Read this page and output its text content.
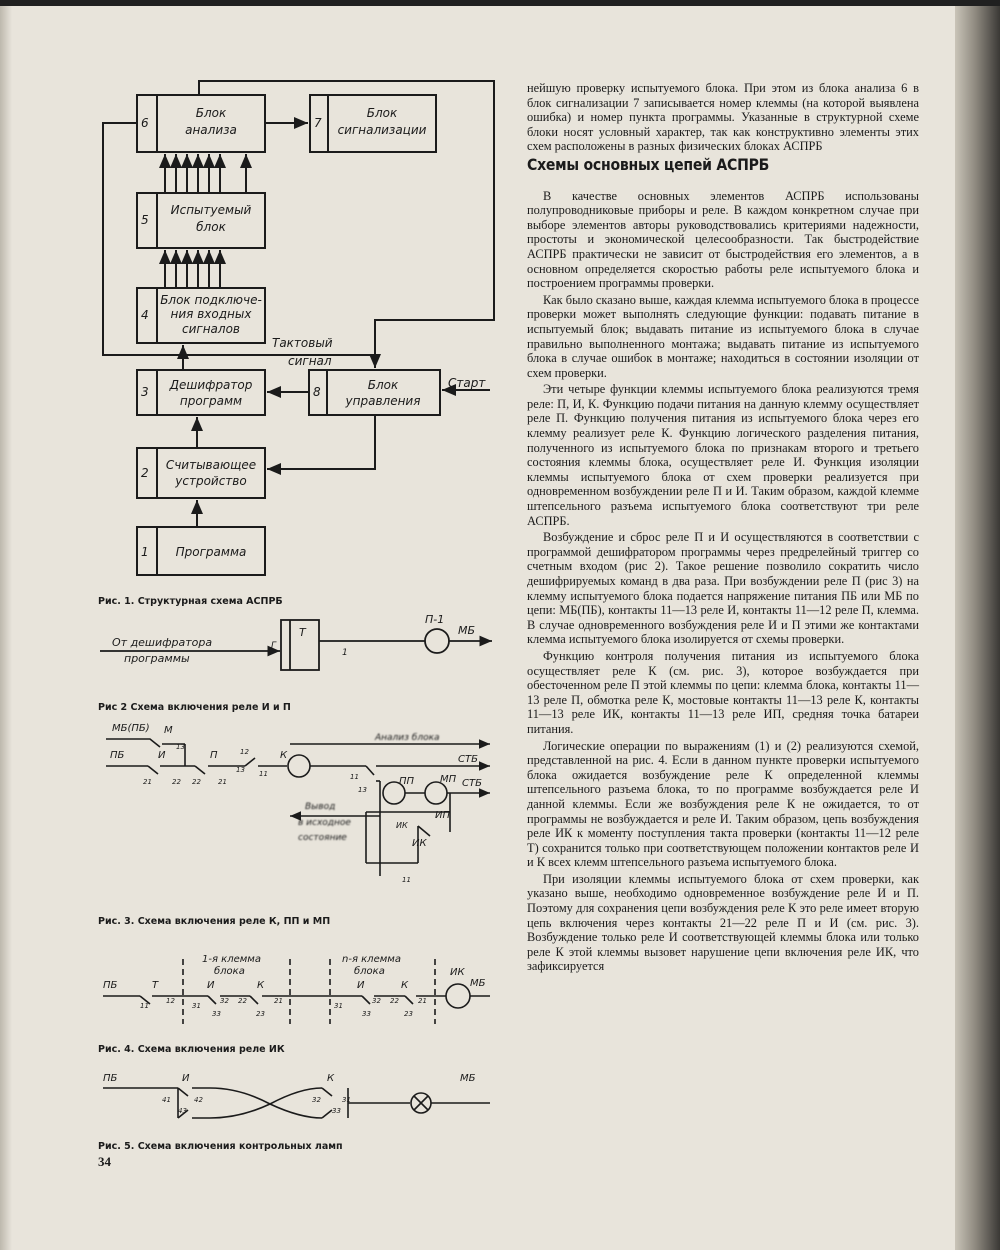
6
Блок
анализа	7
Блок
сигнализации
5
Испытуемый
блок
4
Блок подключе-
ния входных
сигналов
3 Дешифратор
программ
8	Блок
управления
2
Считывающее
устройство
1 Программа
Тактовый
сигнал
Старт
Рис. 1. Структурная схема АСПРБ
От дешифратора
программы
T
Г
1
П-1
МБ
Рис 2 Схема включения реле И и П
МБ(ПБ) М
ПБ	И	П	К	СТБ
СТБ
ПП	МП
ИП
ИК
ИК
13
21	22 22 21
13 11
12
11
13
11
Анализ блока
Вывод
в исходное
состояние
Рис. 3. Схема включения реле К, ПП и МП
ПБ	Т
1-я клемма
блока
n-я клемма
блока
И	К	И	К
ИК
МБ
12
11	31
32 22	21
33	23
31
32 22	21
33	23
Рис. 4. Схема включения реле ИК
ПБ	И	К	МБ
41	42
43
32	31
33
Рис. 5. Схема включения контрольных ламп
34

нейшую проверку испытуемого блока. При этом из блока анализа 6 в блок сигнализации 7 записывается номер клеммы (на которой выявлена ошибка) и номер пункта программы. Указанные в структурной схеме блоки носят условный характер, так как конструктивно элементы этих схем расположены в разных физических блоках АСПРБ

Схемы основных цепей АСПРБ

В качестве основных элементов АСПРБ использованы полупроводниковые приборы и реле. В каждом конкретном случае при выборе элементов авторы руководствовались критериями надежности, простоты и экономической целесообразности. Так быстродействие АСПРБ практически не зависит от быстродействия его элементов, а в основном определяется скоростью работы реле испытуемого блока и построением программы проверки.

Как было сказано выше, каждая клемма испытуемого блока в процессе проверки может выполнять следующие функции: подавать питание в испытуемый блок; выдавать питание из испытуемого блока в случае правильно выполненного монтажа; выдавать питание из испытуемого блока в случае ошибок в монтаже; находиться в состоянии изоляции от схем проверки.

Эти четыре функции клеммы испытуемого блока реализуются тремя реле: П, И, К. Функцию подачи питания на данную клемму осуществляет реле П. Функцию получения питания из испытуемого блока через его клемму реализует реле К. Функцию логического разделения питания, полученного из испытуемого блока по признакам второго и третьего состояния клеммы блока, осуществляет реле И. Функция изоляции клеммы испытуемого блока от схем проверки реализуется при одновременном возбуждении реле П и И. Таким образом, каждой клемме штепсельного разъема испытуемого блока соответствуют три реле АСПРБ.

Возбуждение и сброс реле П и И осуществляются в соответствии с программой дешифратором программы через предрелейный триггер со счетным входом (рис 2). Такое решение позволило сократить число дешифрируемых команд в два раза. При возбуждении реле П (рис 3) на клемму испытуемого блока подается напряжение питания ПБ или МБ по цепи: МБ(ПБ), контакты 11—13 реле И, контакты 11—12 реле П, клемма. В случае одновременного возбуждения реле И и П этими же контактами клемма испытуемого блока изолируется от схемы проверки.

Функцию контроля получения питания из испытуемого блока осуществляет реле К (см. рис. 3), которое возбуждается при обесточенном реле П этой клеммы по цепи: клемма блока, контакты 11—13 реле П, обмотка реле К, мостовые контакты 11—13 реле К, контакты 11—13 реле ИК, контакты 11—13 реле ИП, средняя точка батареи питания.

Логические операции по выражениям (1) и (2) реализуются схемой, представленной на рис. 4. Если в данном пункте проверки испытуемого блока ожидается возбуждение реле К определенной клеммы штепсельного разъема блока, то по программе возбуждается реле И данной клеммы. Если же возбуждения реле К не ожидается, то от программы не возбуждается и реле И. Таким образом, цепь возбуждения реле ИК к моменту поступления такта проверки (контакты 11—12 реле Т) сохранится только при соответствующем положении контактов реле И и К всех клемм штепсельного разъема испытуемого блока.

При изоляции клеммы испытуемого блока от схем проверки, как указано выше, необходимо одновременное возбуждение реле И и П. Поэтому для сохранения цепи возбуждения реле К это реле имеет вторую цепь включения через контакты 21—22 реле П и И (см. рис. 3). Возбуждение только реле И соответствующей клеммы блока или только реле К этой клеммы вызовет нарушение цепи включения реле ИК, что зафиксируется
